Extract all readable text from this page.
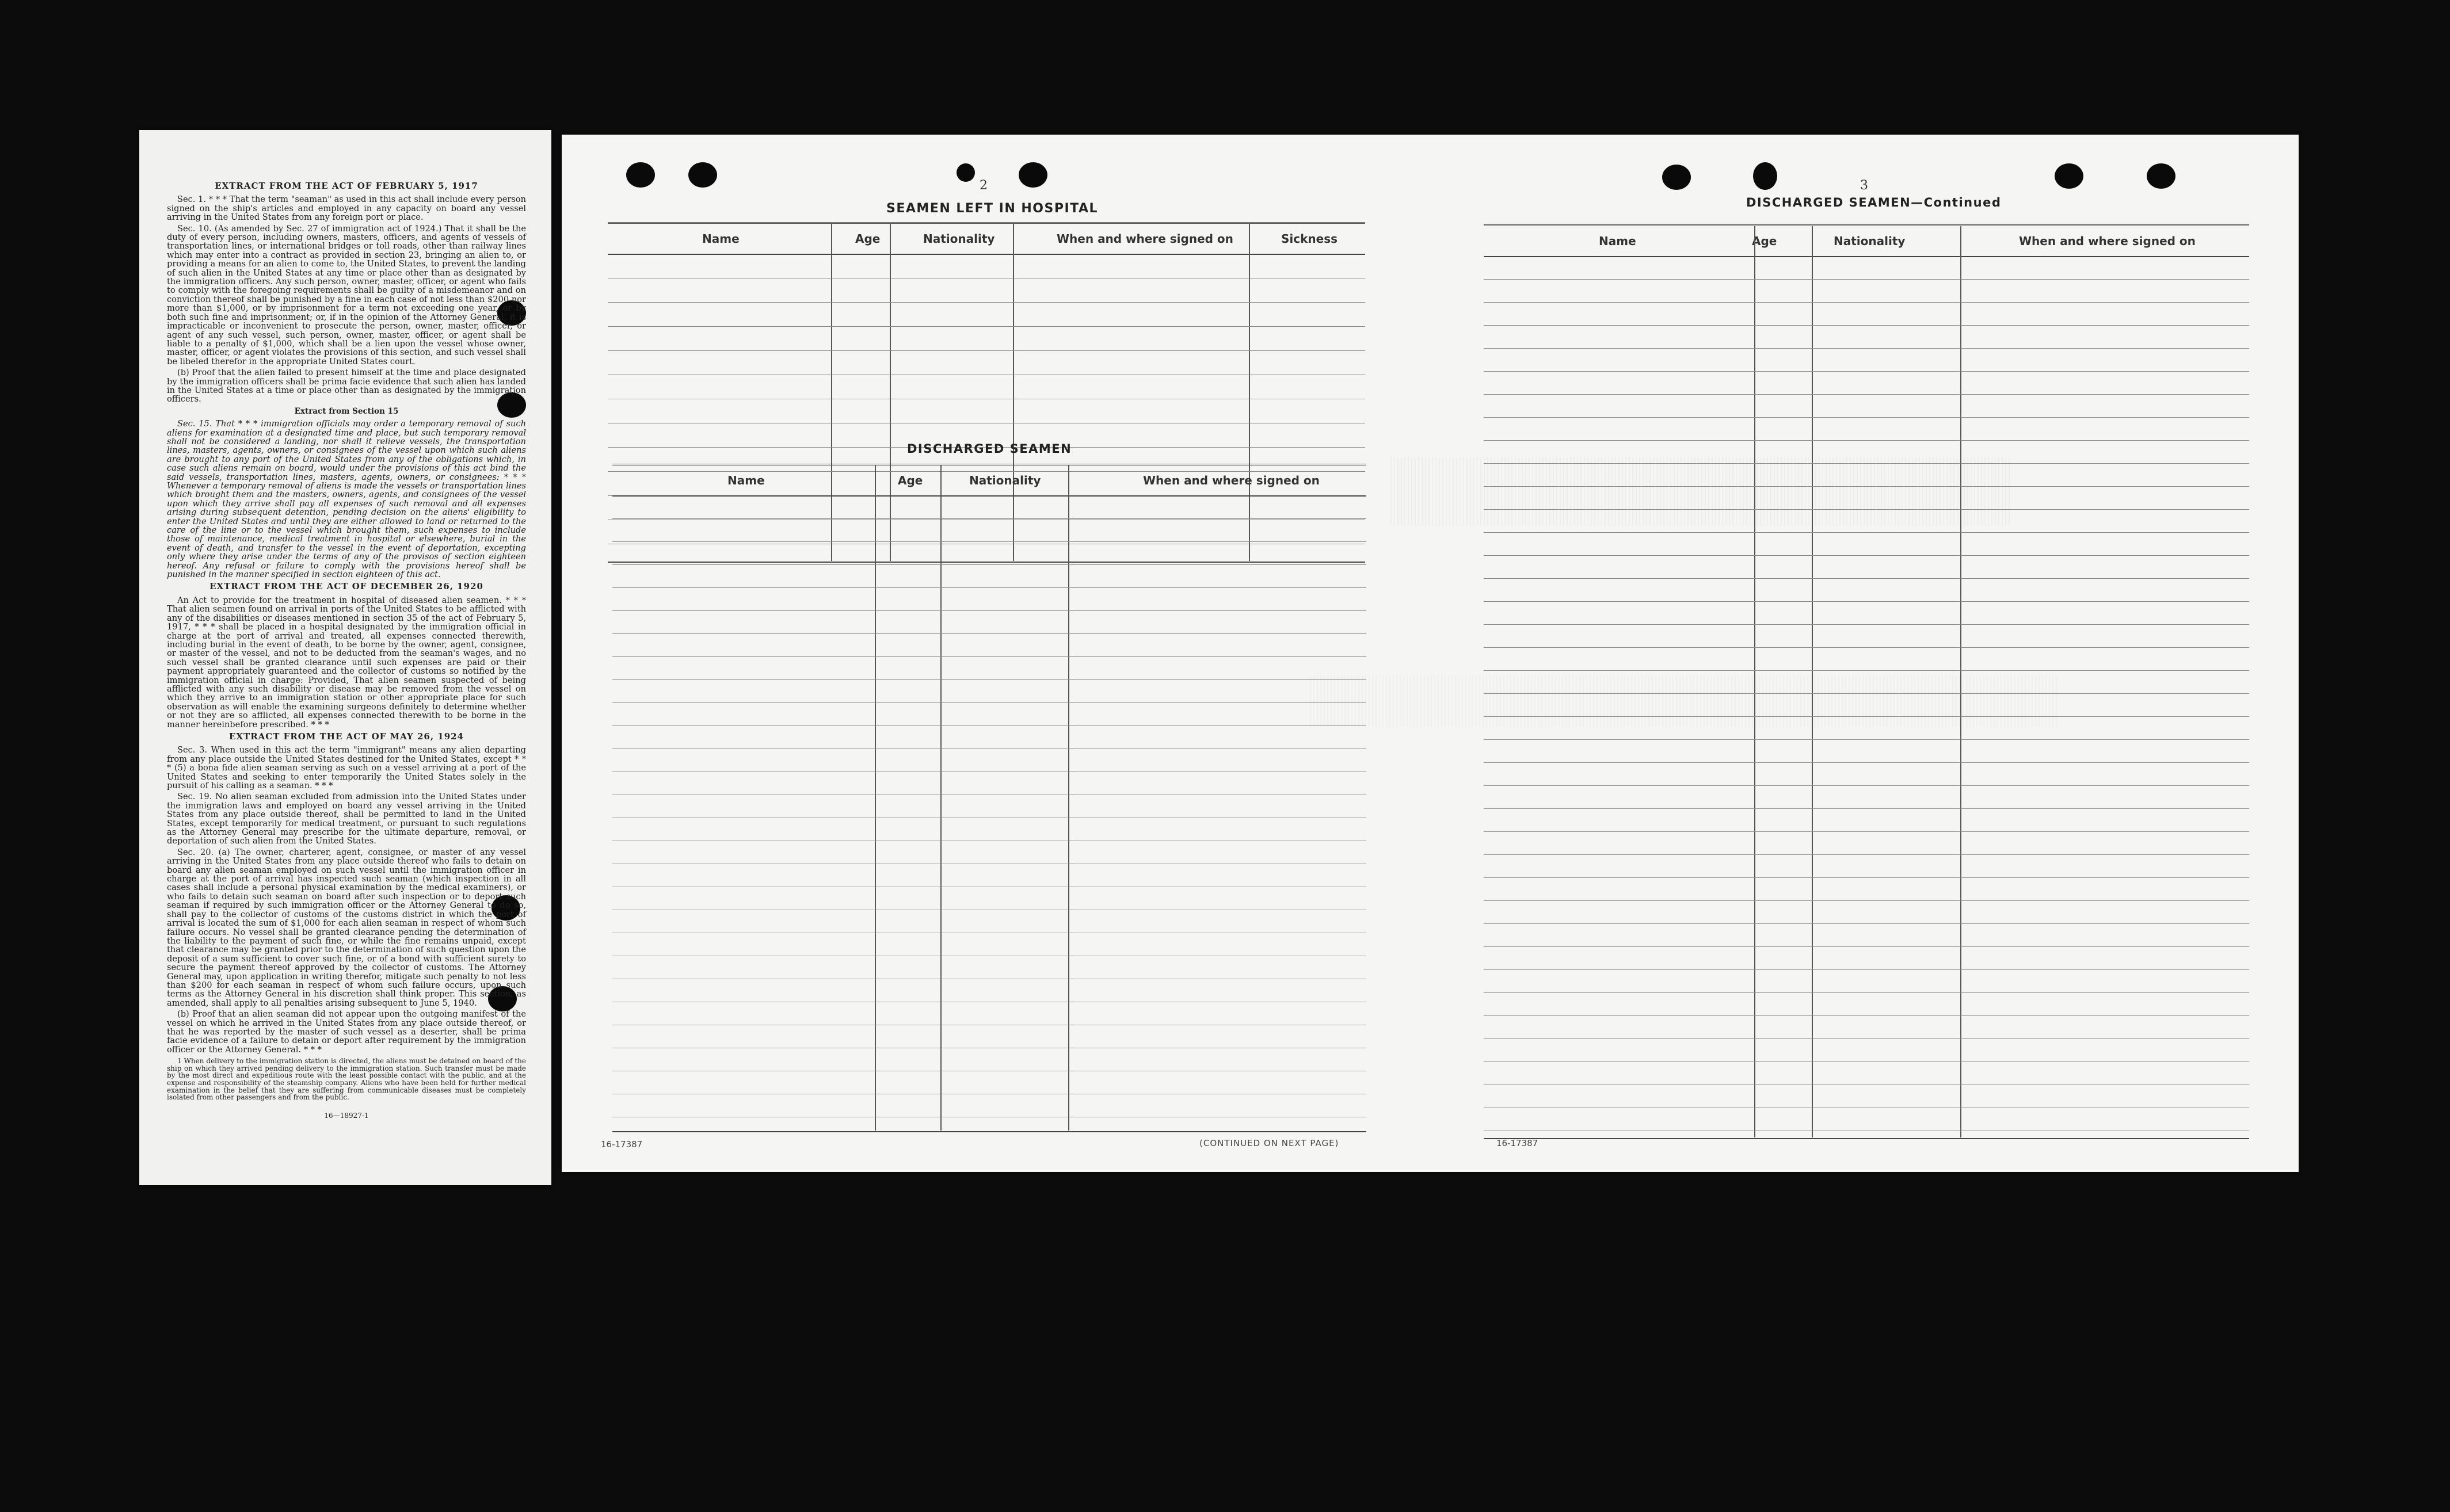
EXTRACT FROM THE ACT OF FEBRUARY 5, 1917

Sec. 1. * * * That the term "seaman" as used in this act shall include every person signed on the ship's articles and employed in any capacity on board any vessel arriving in the United States from any foreign port or place.

Sec. 10. (As amended by Sec. 27 of immigration act of 1924.) That it shall be the duty of every person, including owners, masters, officers, and agents of vessels of transportation lines, or international bridges or toll roads, other than railway lines which may enter into a contract as provided in section 23, bringing an alien to, or providing a means for an alien to come to, the United States, to prevent the landing of such alien in the United States at any time or place other than as designated by the immigration officers. Any such person, owner, master, officer, or agent who fails to comply with the foregoing requirements shall be guilty of a misdemeanor and on conviction thereof shall be punished by a fine in each case of not less than $200 nor more than $1,000, or by imprisonment for a term not exceeding one year, or by both such fine and imprisonment; or, if in the opinion of the Attorney General, it is impracticable or inconvenient to prosecute the person, owner, master, officer, or agent of any such vessel, such person, owner, master, officer, or agent shall be liable to a penalty of $1,000, which shall be a lien upon the vessel whose owner, master, officer, or agent violates the provisions of this section, and such vessel shall be libeled therefor in the appropriate United States court.

(b) Proof that the alien failed to present himself at the time and place designated by the immigration officers shall be prima facie evidence that such alien has landed in the United States at a time or place other than as designated by the immigration officers.

Extract from Section 15

Sec. 15. That * * * immigration officials may order a temporary removal of such aliens for examination at a designated time and place, but such temporary removal shall not be considered a landing, nor shall it relieve vessels, the transportation lines, masters, agents, owners, or consignees of the vessel upon which such aliens are brought to any port of the United States from any of the obligations which, in case such aliens remain on board, would under the provisions of this act bind the said vessels, transportation lines, masters, agents, owners, or consignees: * * * Whenever a temporary removal of aliens is made the vessels or transportation lines which brought them and the masters, owners, agents, and consignees of the vessel upon which they arrive shall pay all expenses of such removal and all expenses arising during subsequent detention, pending decision on the aliens' eligibility to enter the United States and until they are either allowed to land or returned to the care of the line or to the vessel which brought them, such expenses to include those of maintenance, medical treatment in hospital or elsewhere, burial in the event of death, and transfer to the vessel in the event of deportation, excepting only where they arise under the terms of any of the provisos of section eighteen hereof. Any refusal or failure to comply with the provisions hereof shall be punished in the manner specified in section eighteen of this act.

EXTRACT FROM THE ACT OF DECEMBER 26, 1920

An Act to provide for the treatment in hospital of diseased alien seamen. * * * That alien seamen found on arrival in ports of the United States to be afflicted with any of the disabilities or diseases mentioned in section 35 of the act of February 5, 1917, * * * shall be placed in a hospital designated by the immigration official in charge at the port of arrival and treated, all expenses connected therewith, including burial in the event of death, to be borne by the owner, agent, consignee, or master of the vessel, and not to be deducted from the seaman's wages, and no such vessel shall be granted clearance until such expenses are paid or their payment appropriately guaranteed and the collector of customs so notified by the immigration official in charge: Provided, That alien seamen suspected of being afflicted with any such disability or disease may be removed from the vessel on which they arrive to an immigration station or other appropriate place for such observation as will enable the examining surgeons definitely to determine whether or not they are so afflicted, all expenses connected therewith to be borne in the manner hereinbefore prescribed. * * *

EXTRACT FROM THE ACT OF MAY 26, 1924

Sec. 3. When used in this act the term "immigrant" means any alien departing from any place outside the United States destined for the United States, except * * * (5) a bona fide alien seaman serving as such on a vessel arriving at a port of the United States and seeking to enter temporarily the United States solely in the pursuit of his calling as a seaman. * * *

Sec. 19. No alien seaman excluded from admission into the United States under the immigration laws and employed on board any vessel arriving in the United States from any place outside thereof, shall be permitted to land in the United States, except temporarily for medical treatment, or pursuant to such regulations as the Attorney General may prescribe for the ultimate departure, removal, or deportation of such alien from the United States.

Sec. 20. (a) The owner, charterer, agent, consignee, or master of any vessel arriving in the United States from any place outside thereof who fails to detain on board any alien seaman employed on such vessel until the immigration officer in charge at the port of arrival has inspected such seaman (which inspection in all cases shall include a personal physical examination by the medical examiners), or who fails to detain such seaman on board after such inspection or to deport such seaman if required by such immigration officer or the Attorney General to do so, shall pay to the collector of customs of the customs district in which the port of arrival is located the sum of $1,000 for each alien seaman in respect of whom such failure occurs. No vessel shall be granted clearance pending the determination of the liability to the payment of such fine, or while the fine remains unpaid, except that clearance may be granted prior to the determination of such question upon the deposit of a sum sufficient to cover such fine, or of a bond with sufficient surety to secure the payment thereof approved by the collector of customs. The Attorney General may, upon application in writing therefor, mitigate such penalty to not less than $200 for each seaman in respect of whom such failure occurs, upon such terms as the Attorney General in his discretion shall think proper. This section, as amended, shall apply to all penalties arising subsequent to June 5, 1940.

(b) Proof that an alien seaman did not appear upon the outgoing manifest of the vessel on which he arrived in the United States from any place outside thereof, or that he was reported by the master of such vessel as a deserter, shall be prima facie evidence of a failure to detain or deport after requirement by the immigration officer or the Attorney General. * * *

1 When delivery to the immigration station is directed, the aliens must be detained on board of the ship on which they arrived pending delivery to the immigration station. Such transfer must be made by the most direct and expeditious route with the least possible contact with the public, and at the expense and responsibility of the steamship company. Aliens who have been held for further medical examination in the belief that they are suffering from communicable diseases must be completely isolated from other passengers and from the public.
16—18927-1
2
SEAMEN LEFT IN HOSPITAL
3
DISCHARGED SEAMEN—Continued
Name	Age	Nationality	When and where signed on	Sickness
DISCHARGED SEAMEN
Name	Age	Nationality	When and where signed on
16-17387	(CONTINUED ON NEXT PAGE)
Name	Age	Nationality	When and where signed on
16-17387
